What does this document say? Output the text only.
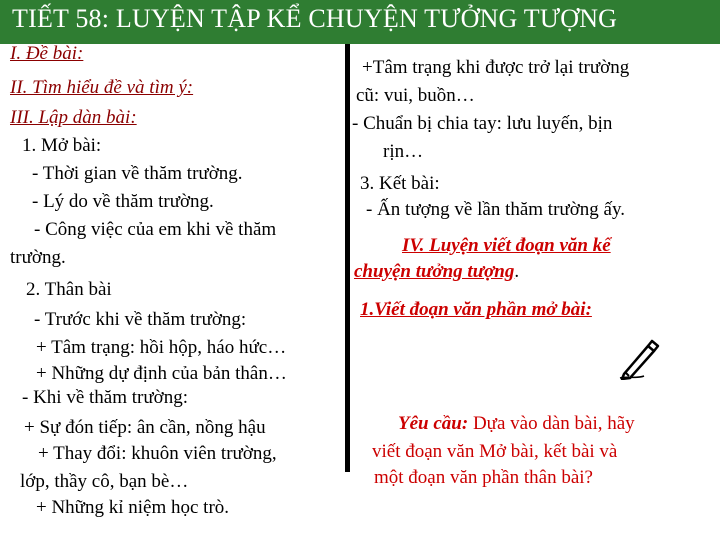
TIẾT 58: LUYỆN TẬP KỂ CHUYỆN TƯỞNG TƯỢNG
I. Đề bài:
II. Tìm hiểu đề và tìm ý:
III. Lập dàn bài:
1. Mở bài:
- Thời gian về thăm trường.
- Lý do về thăm trường.
- Công việc của em khi về thăm
trường.
2. Thân bài
- Trước khi về thăm trường:
+ Tâm trạng: hồi hộp, háo hức…
+ Những dự định của bản thân…
- Khi về thăm trường:
+ Sự đón tiếp: ân cần, nồng hậu
+ Thay đổi: khuôn viên trường,
lớp, thầy cô, bạn bè…
+ Những kỉ niệm học trò.
+Tâm trạng khi được trở lại trường
cũ: vui, buồn…
- Chuẩn bị chia tay: lưu luyến, bịn
rịn…
3. Kết bài:
- Ấn tượng về lần thăm trường ấy.
IV. Luyện viết đoạn văn kể
chuyện tưởng tượng.
1.Viết đoạn văn phần mở bài:
Yêu cầu: Dựa vào dàn bài, hãy
viết đoạn văn Mở bài, kết bài và
một đoạn văn phần thân bài?
